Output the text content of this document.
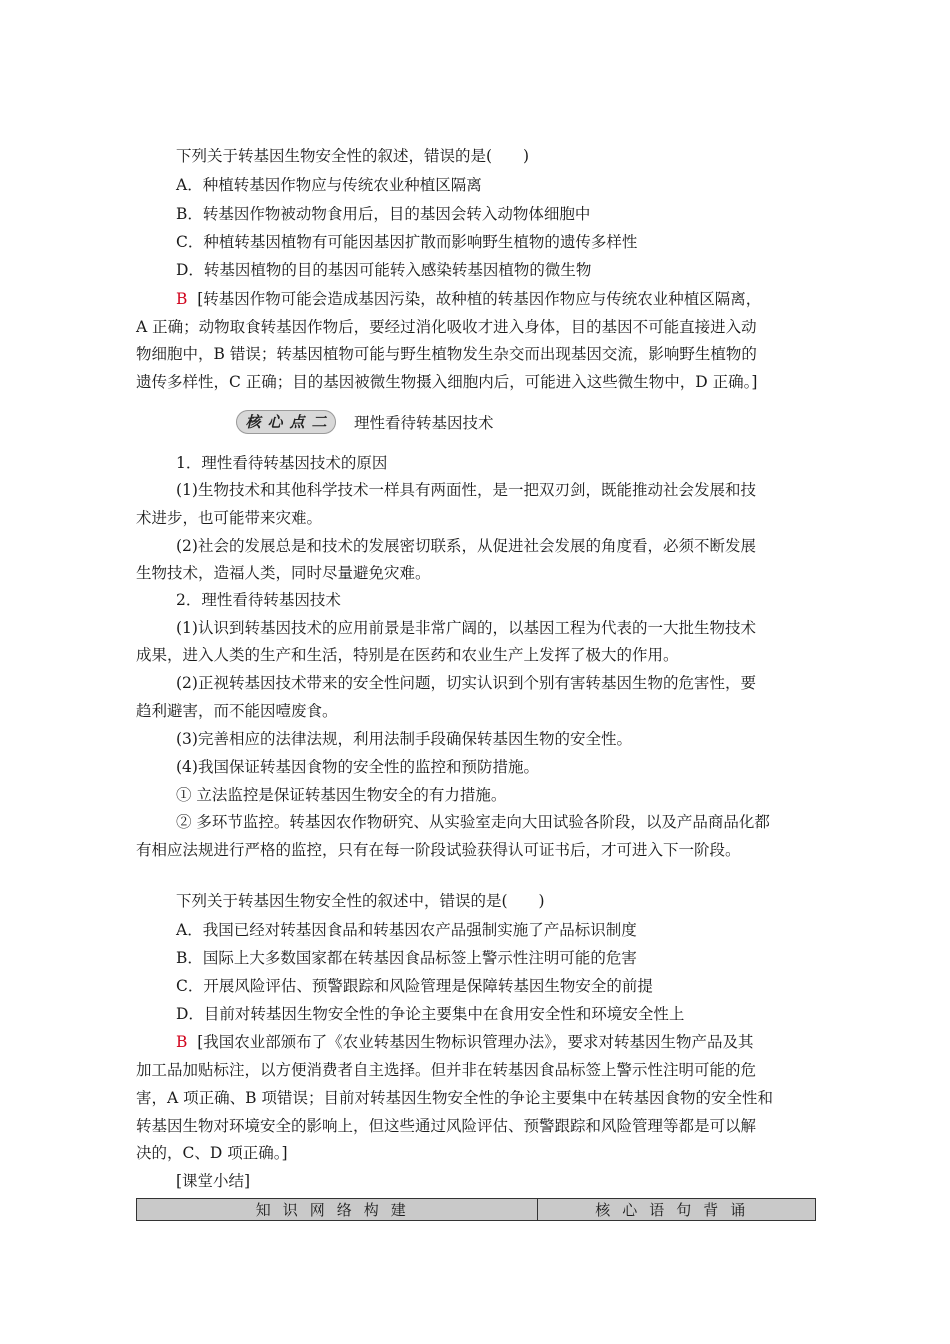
下列关于转基因生物安全性的叙述，错误的是(　　)
A．种植转基因作物应与传统农业种植区隔离
B．转基因作物被动物食用后，目的基因会转入动物体细胞中
C．种植转基因植物有可能因基因扩散而影响野生植物的遗传多样性
D．转基因植物的目的基因可能转入感染转基因植物的微生物
B [转基因作物可能会造成基因污染，故种植的转基因作物应与传统农业种植区隔离，
A 正确；动物取食转基因作物后，要经过消化吸收才进入身体，目的基因不可能直接进入动
物细胞中，B 错误；转基因植物可能与野生植物发生杂交而出现基因交流，影响野生植物的
遗传多样性，C 正确；目的基因被微生物摄入细胞内后，可能进入这些微生物中，D 正确。]
1．理性看待转基因技术的原因
(1)生物技术和其他科学技术一样具有两面性，是一把双刃剑，既能推动社会发展和技
术进步，也可能带来灾难。
(2)社会的发展总是和技术的发展密切联系，从促进社会发展的角度看，必须不断发展
生物技术，造福人类，同时尽量避免灾难。
2．理性看待转基因技术
(1)认识到转基因技术的应用前景是非常广阔的，以基因工程为代表的一大批生物技术
成果，进入人类的生产和生活，特别是在医药和农业生产上发挥了极大的作用。
(2)正视转基因技术带来的安全性问题，切实认识到个别有害转基因生物的危害性，要
趋利避害，而不能因噎废食。
(3)完善相应的法律法规，利用法制手段确保转基因生物的安全性。
(4)我国保证转基因食物的安全性的监控和预防措施。
① 立法监控是保证转基因生物安全的有力措施。
② 多环节监控。转基因农作物研究、从实验室走向大田试验各阶段，以及产品商品化都
有相应法规进行严格的监控，只有在每一阶段试验获得认可证书后，才可进入下一阶段。
下列关于转基因生物安全性的叙述中，错误的是(　　)
A．我国已经对转基因食品和转基因农产品强制实施了产品标识制度
B．国际上大多数国家都在转基因食品标签上警示性注明可能的危害
C．开展风险评估、预警跟踪和风险管理是保障转基因生物安全的前提
D．目前对转基因生物安全性的争论主要集中在食用安全性和环境安全性上
B [我国农业部颁布了《农业转基因生物标识管理办法》，要求对转基因生物产品及其
加工品加贴标注，以方便消费者自主选择。但并非在转基因食品标签上警示性注明可能的危
害，A 项正确、B 项错误；目前对转基因生物安全性的争论主要集中在转基因食物的安全性和
转基因生物对环境安全的影响上，但这些通过风险评估、预警跟踪和风险管理等都是可以解
决的，C、D 项正确。]
[课堂小结]
核 心 点 二 理性看待转基因技术
知识网络构建	核心语句背诵
